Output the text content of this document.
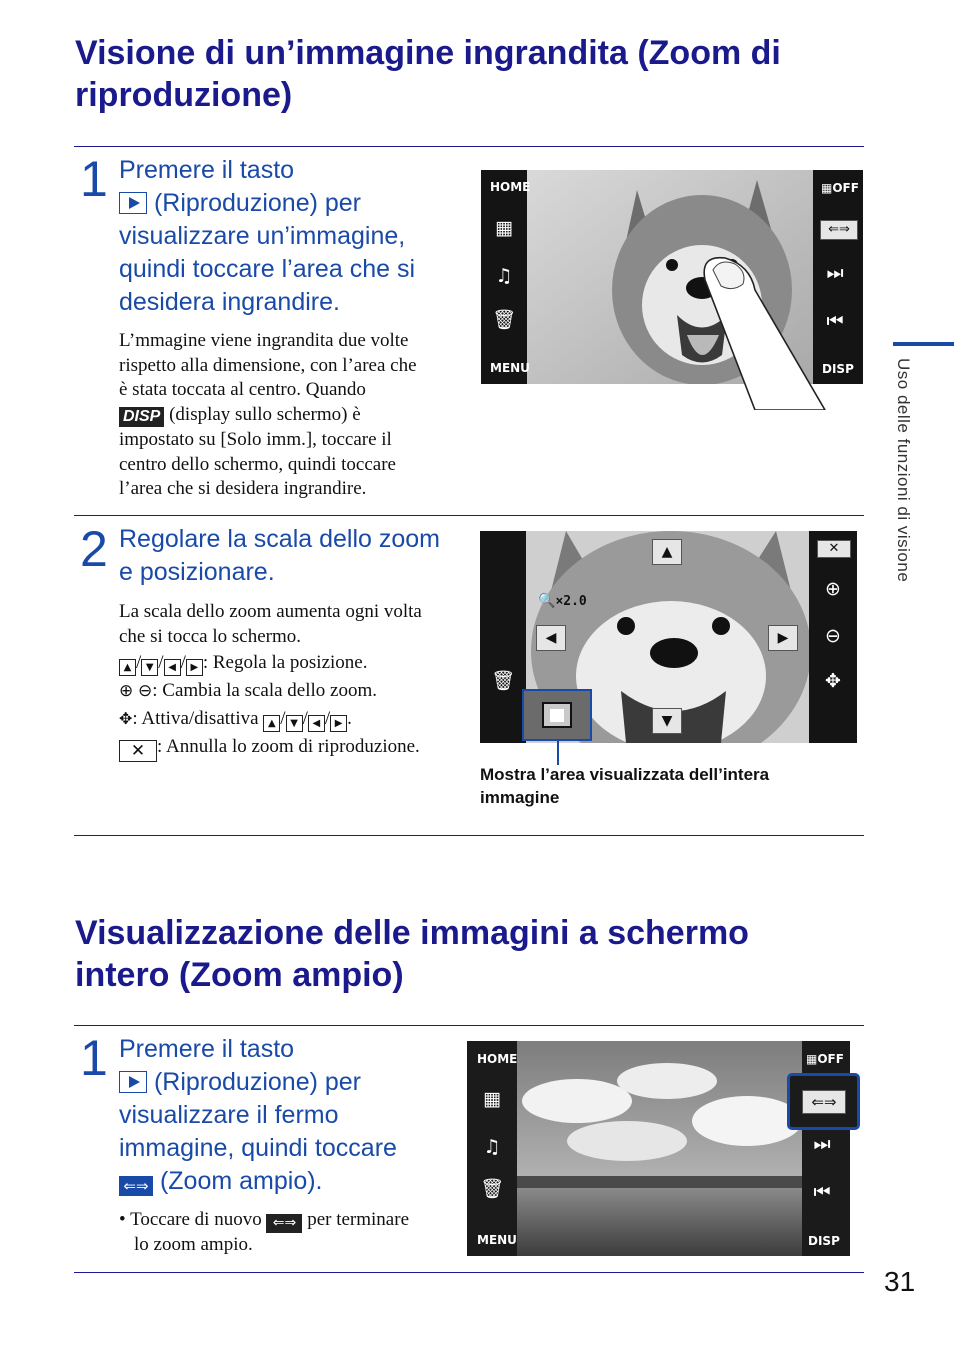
Visione di un’immagine ingrandita (Zoom di
riproduzione)
1 Premere il tasto
(Riproduzione) per
visualizzare un’immagine,
quindi toccare l’area che si
desidera ingrandire.
L’mmagine viene ingrandita due volte
rispetto alla dimensione, con l’area che
è stata toccata al centro. Quando
DISP (display sullo schermo) è
impostato su [Solo imm.], toccare il
centro dello schermo, quindi toccare
l’area che si desidera ingrandire.
HOME
▦
♫
🗑
MENU
▦OFF
⇐⇒
⏭
⏮
DISP
2 Regolare la scala dello zoom
e posizionare.
La scala dello zoom aumenta ogni volta
che si tocca lo schermo.
▲ / ▼ / ◀ / ▶ : Regola la posizione.
⊕ ⊖: Cambia la scala dello zoom.
✥: Attiva/disattiva ▲ / ▼ / ◀ / ▶ .
✕ : Annulla lo zoom di riproduzione.
🗑
🔍×2.0
▲
◀	▶
▼
✕
⊕
⊖
✥
Mostra l’area visualizzata dell’intera
immagine
Visualizzazione delle immagini a schermo
intero (Zoom ampio)
1 Premere il tasto
(Riproduzione) per
visualizzare il fermo
immagine, quindi toccare
⇐⇒ (Zoom ampio).
• Toccare di nuovo ⇐⇒ per terminare
lo zoom ampio.
HOME
▦
♫
🗑
MENU
▦OFF
⏭
⏮
DISP
⇐⇒
Uso delle funzioni di visione
31
